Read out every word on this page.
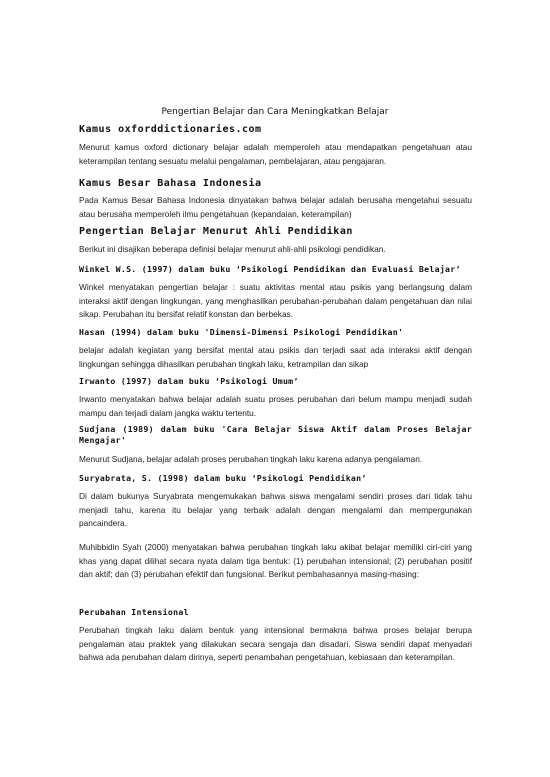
Pengertian Belajar dan Cara Meningkatkan Belajar
Kamus oxforddictionaries.com
Menurut kamus oxford dictionary belajar adalah memperoleh atau mendapatkan pengetahuan atau keterampilan tentang sesuatu melalui pengalaman, pembelajaran, atau pengajaran.
Kamus Besar Bahasa Indonesia
Pada Kamus Besar Bahasa Indonesia dinyatakan bahwa belajar adalah berusaha mengetahui sesuatu atau berusaha memperoleh ilmu pengetahuan (kepandaian, keterampilan)
Pengertian Belajar Menurut Ahli Pendidikan
Berikut ini disajikan beberapa definisi belajar menurut ahli-ahli psikologi pendidikan.
Winkel W.S. (1997) dalam buku ‘Psikologi Pendidikan dan Evaluasi Belajar’
Winkel menyatakan pengertian belajar : suatu aktivitas mental atau psikis yang berlangsung dalam interaksi aktif dengan lingkungan, yang menghasilkan perubahan-perubahan dalam pengetahuan dan nilai sikap. Perubahan itu bersifat relatif konstan dan berbekas.
Hasan (1994) dalam buku 'Dimensi-Dimensi Psikologi Pendidikan'
belajar adalah kegiatan yang bersifat mental atau psikis dan terjadi saat ada interaksi aktif dengan lingkungan sehingga dihasilkan perubahan tingkah laku, ketrampilan dan sikap
Irwanto (1997) dalam buku ‘Psikologi Umum’
Irwanto menyatakan bahwa belajar adalah suatu proses perubahan dari belum mampu menjadi sudah mampu dan terjadi dalam jangka waktu tertentu.
Sudjana (1989) dalam buku 'Cara Belajar Siswa Aktif dalam Proses Belajar Mengajar'
Menurut Sudjana, belajar adalah proses perubahan tingkah laku karena adanya pengalaman.
Suryabrata, S. (1998) dalam buku ‘Psikologi Pendidikan’
Di dalam bukunya Suryabrata mengemukakan bahwa siswa mengalami sendiri proses dari tidak tahu menjadi tahu, karena itu belajar yang terbaik adalah dengan mengalami dan mempergunakan pancaindera.
Muhibbidin Syah (2000) menyatakan bahwa perubahan tingkah laku akibat belajar memiliki ciri-ciri yang khas yang dapat dilihat secara nyata dalam tiga bentuk: (1) perubahan intensional; (2) perubahan positif dan aktif; dan (3) perubahan efektif dan fungsional. Berikut pembahasannya masing-masing:
Perubahan Intensional
Perubahan tingkah laku dalam bentuk yang intensional bermakna bahwa proses belajar berupa pengalaman atau praktek yang dilakukan secara sengaja dan disadari. Siswa sendiri dapat menyadari bahwa ada perubahan dalam dirinya, seperti penambahan pengetahuan, kebiasaan dan keterampilan.
